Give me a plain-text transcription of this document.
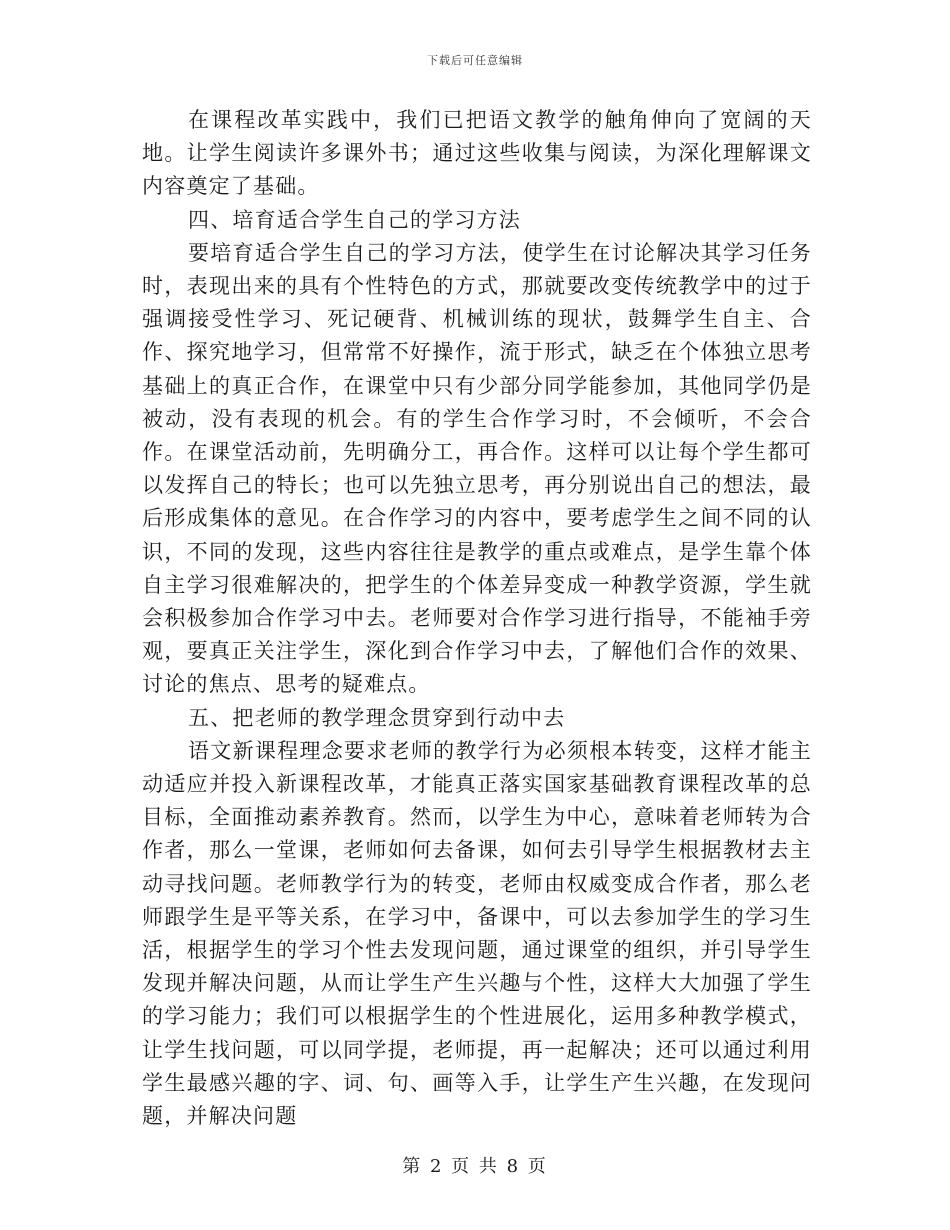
下载后可任意编辑

在课程改革实践中，我们已把语文教学的触角伸向了宽阔的天地。让学生阅读许多课外书；通过这些收集与阅读，为深化理解课文内容奠定了基础。

四、培育适合学生自己的学习方法

要培育适合学生自己的学习方法，使学生在讨论解决其学习任务时，表现出来的具有个性特色的方式，那就要改变传统教学中的过于强调接受性学习、死记硬背、机械训练的现状，鼓舞学生自主、合作、探究地学习，但常常不好操作，流于形式，缺乏在个体独立思考基础上的真正合作，在课堂中只有少部分同学能参加，其他同学仍是被动，没有表现的机会。有的学生合作学习时，不会倾听，不会合作。在课堂活动前，先明确分工，再合作。这样可以让每个学生都可以发挥自己的特长；也可以先独立思考，再分别说出自己的想法，最后形成集体的意见。在合作学习的内容中，要考虑学生之间不同的认识，不同的发现，这些内容往往是教学的重点或难点，是学生靠个体自主学习很难解决的，把学生的个体差异变成一种教学资源，学生就会积极参加合作学习中去。老师要对合作学习进行指导，不能袖手旁观，要真正关注学生，深化到合作学习中去，了解他们合作的效果、讨论的焦点、思考的疑难点。

五、把老师的教学理念贯穿到行动中去

语文新课程理念要求老师的教学行为必须根本转变，这样才能主动适应并投入新课程改革，才能真正落实国家基础教育课程改革的总目标，全面推动素养教育。然而，以学生为中心，意味着老师转为合作者，那么一堂课，老师如何去备课，如何去引导学生根据教材去主动寻找问题。老师教学行为的转变，老师由权威变成合作者，那么老师跟学生是平等关系，在学习中，备课中，可以去参加学生的学习生活，根据学生的学习个性去发现问题，通过课堂的组织，并引导学生发现并解决问题，从而让学生产生兴趣与个性，这样大大加强了学生的学习能力；我们可以根据学生的个性进展化，运用多种教学模式，让学生找问题，可以同学提，老师提，再一起解决；还可以通过利用学生最感兴趣的字、词、句、画等入手，让学生产生兴趣，在发现问题，并解决问题

第 2 页 共 8 页
